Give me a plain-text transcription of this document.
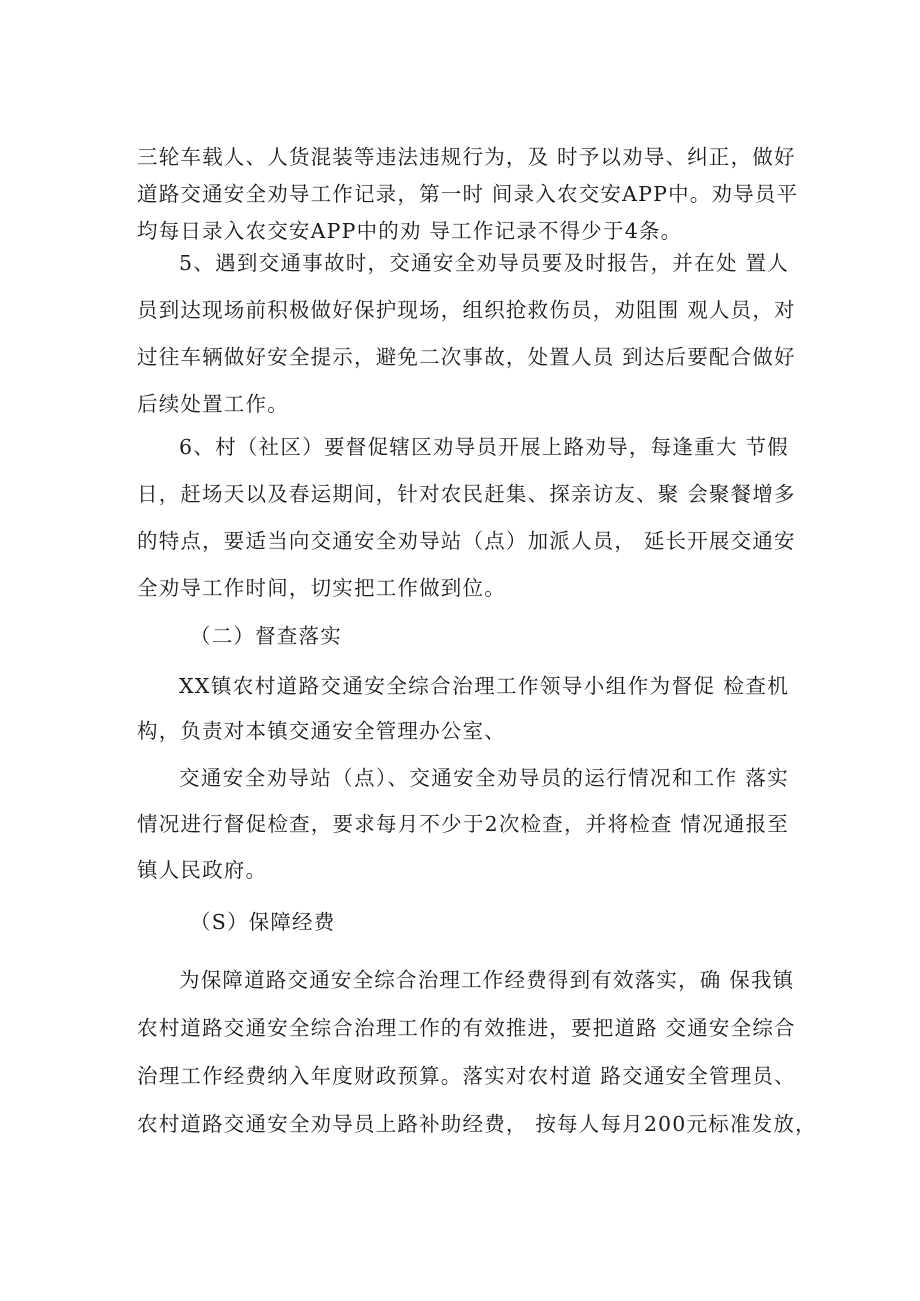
三轮车载人、人货混装等违法违规行为，及 时予以劝导、纠正，做好
道路交通安全劝导工作记录，第一时 间录入农交安APP中。劝导员平
均每日录入农交安APP中的劝 导工作记录不得少于4条。
5、遇到交通事故时，交通安全劝导员要及时报告，并在处 置人
员到达现场前积极做好保护现场，组织抢救伤员，劝阻围 观人员，对
过往车辆做好安全提示，避免二次事故，处置人员 到达后要配合做好
后续处置工作。
6、村（社区）要督促辖区劝导员开展上路劝导，每逢重大 节假
日，赶场天以及春运期间，针对农民赶集、探亲访友、聚 会聚餐增多
的特点，要适当向交通安全劝导站（点）加派人员， 延长开展交通安
全劝导工作时间，切实把工作做到位。
（二）督查落实
XX镇农村道路交通安全综合治理工作领导小组作为督促 检查机
构，负责对本镇交通安全管理办公室、
交通安全劝导站（点）、交通安全劝导员的运行情况和工作 落实
情况进行督促检查，要求每月不少于2次检查，并将检查 情况通报至
镇人民政府。
（S）保障经费
为保障道路交通安全综合治理工作经费得到有效落实，确 保我镇
农村道路交通安全综合治理工作的有效推进，要把道路 交通安全综合
治理工作经费纳入年度财政预算。落实对农村道 路交通安全管理员、
农村道路交通安全劝导员上路补助经费， 按每人每月200元标准发放，
